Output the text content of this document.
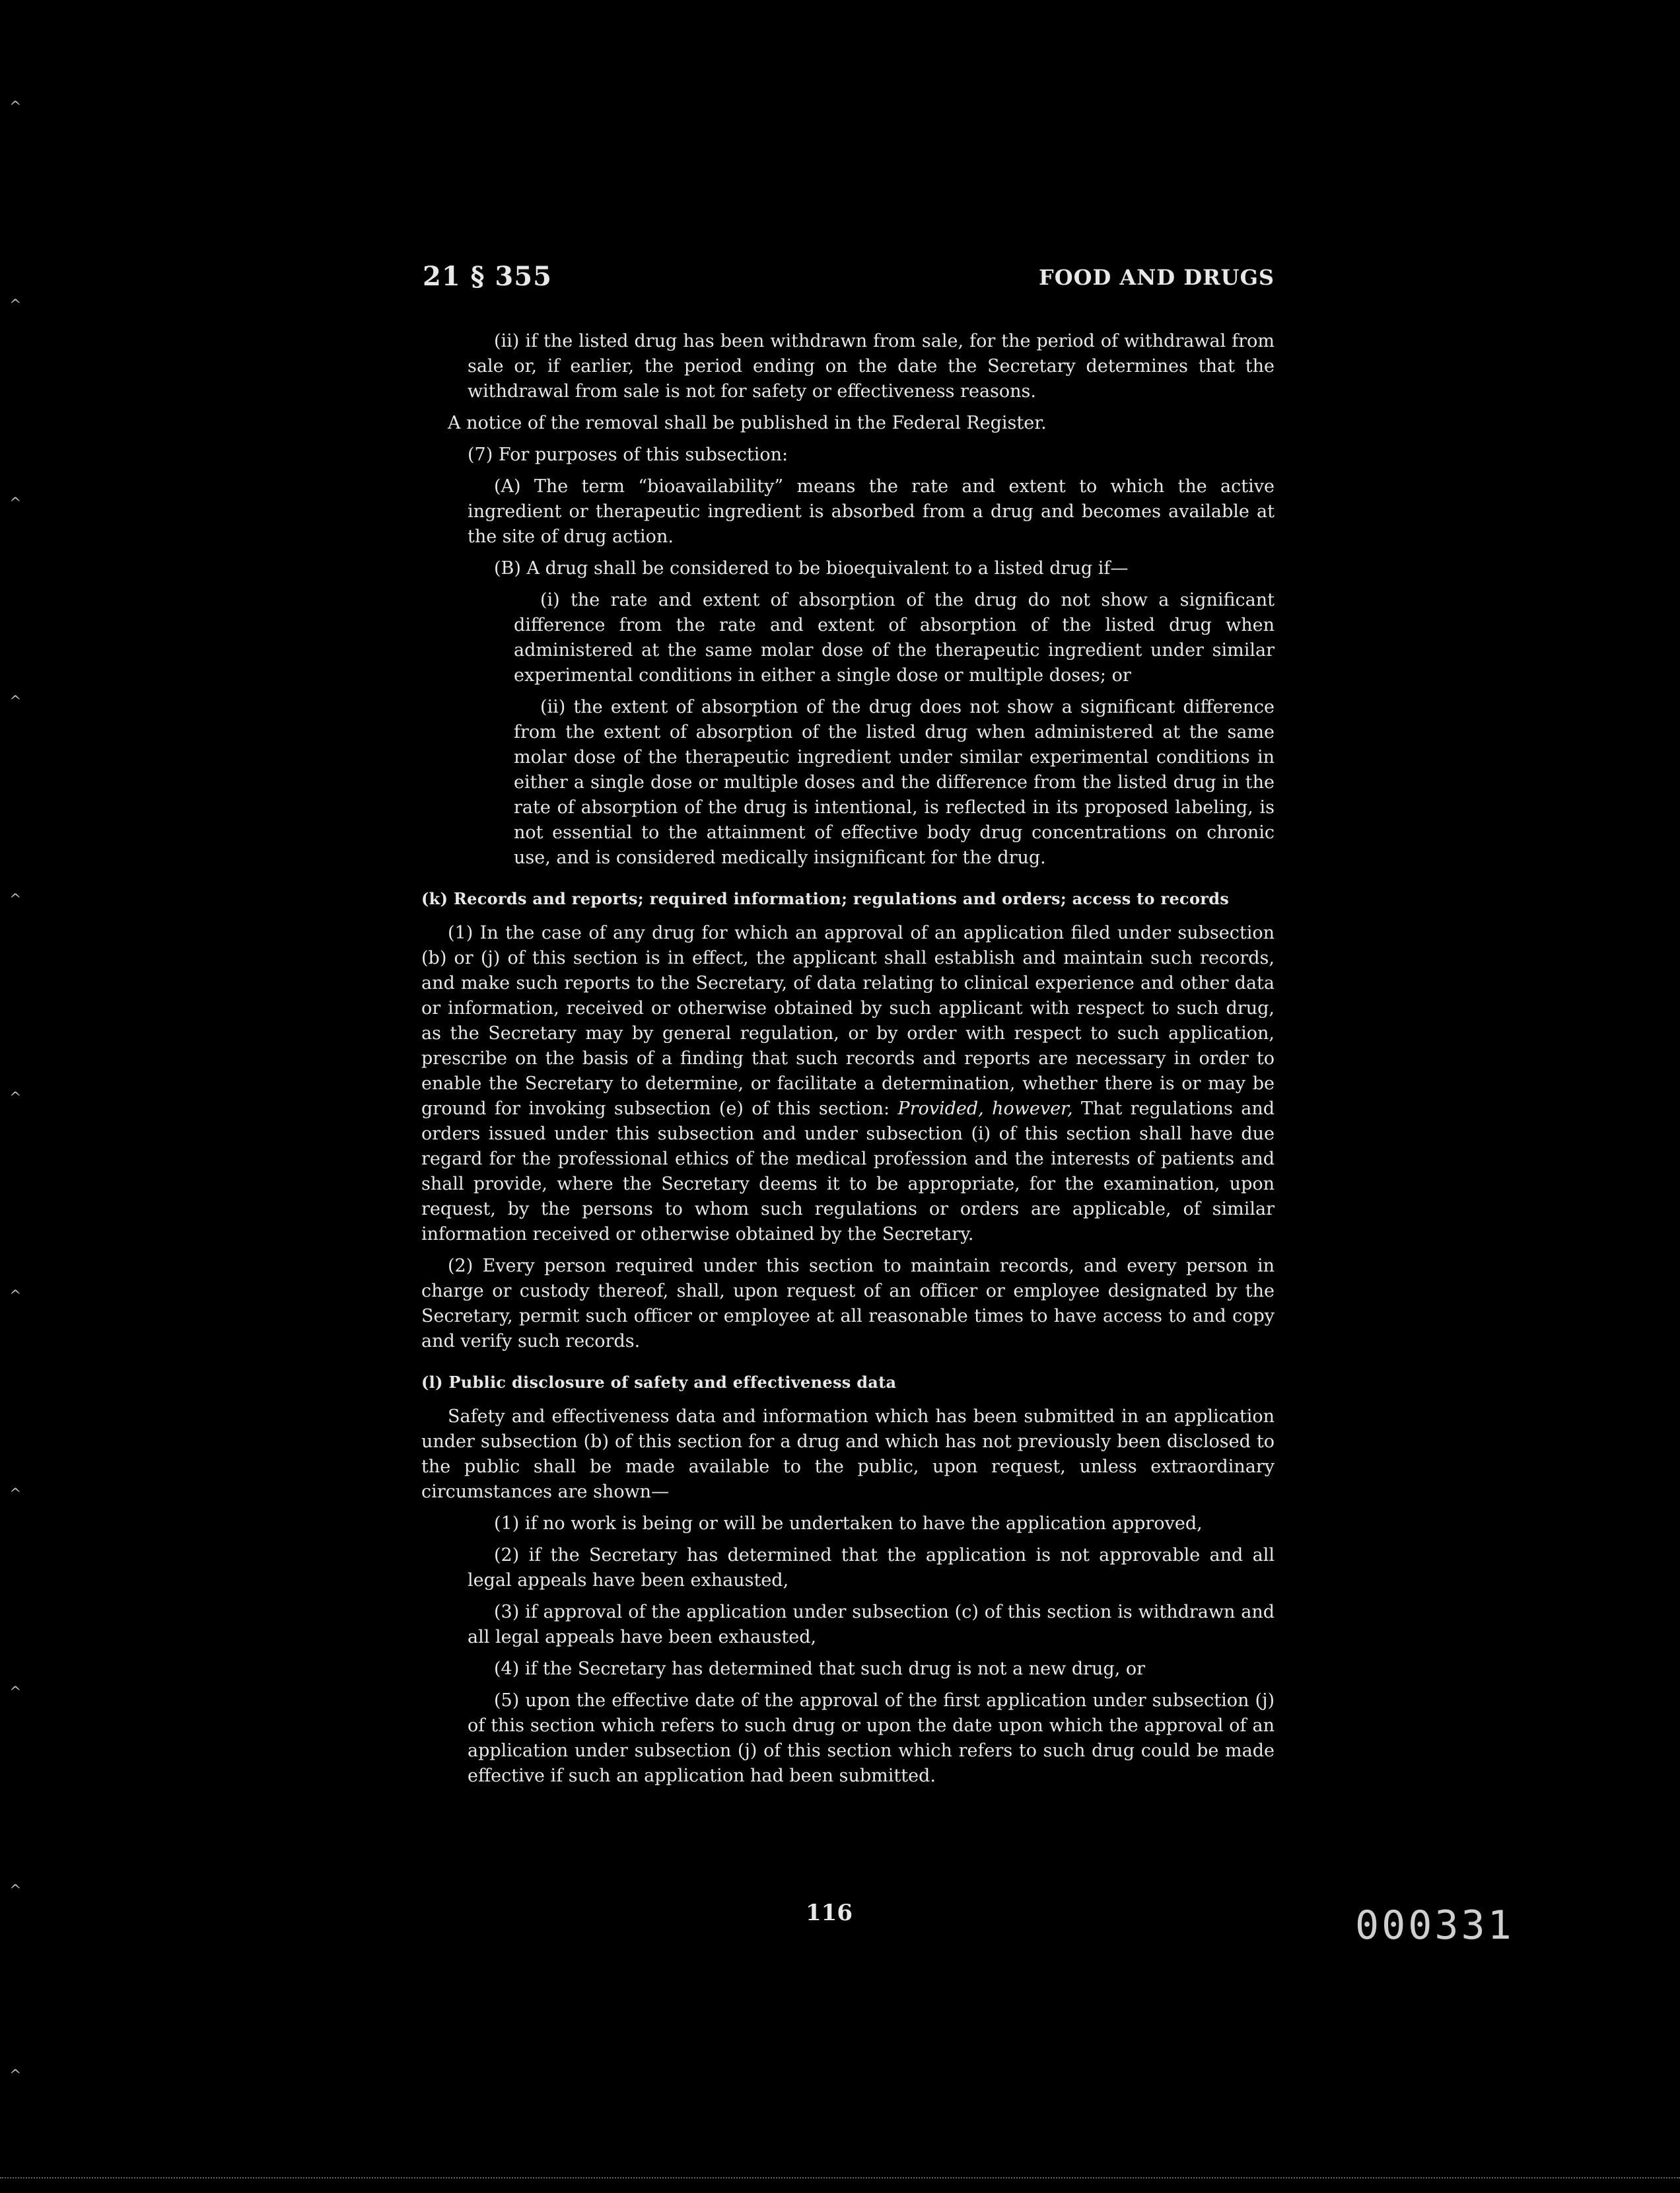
21 § 355	FOOD AND DRUGS

(ii) if the listed drug has been withdrawn from sale, for the period of withdrawal from sale or, if earlier, the period ending on the date the Secretary determines that the withdrawal from sale is not for safety or effectiveness reasons.

A notice of the removal shall be published in the Federal Register.

(7) For purposes of this subsection:

(A) The term “bioavailability” means the rate and extent to which the active ingredient or therapeutic ingredient is absorbed from a drug and becomes available at the site of drug action.

(B) A drug shall be considered to be bioequivalent to a listed drug if—

(i) the rate and extent of absorption of the drug do not show a significant difference from the rate and extent of absorption of the listed drug when administered at the same molar dose of the therapeutic ingredient under similar experimental conditions in either a single dose or multiple doses; or

(ii) the extent of absorption of the drug does not show a significant difference from the extent of absorption of the listed drug when administered at the same molar dose of the therapeutic ingredient under similar experimental conditions in either a single dose or multiple doses and the difference from the listed drug in the rate of absorption of the drug is intentional, is reflected in its proposed labeling, is not essential to the attainment of effective body drug concentrations on chronic use, and is considered medically insignificant for the drug.

(k) Records and reports; required information; regulations and orders; access to records

(1) In the case of any drug for which an approval of an application filed under subsection (b) or (j) of this section is in effect, the applicant shall establish and maintain such records, and make such reports to the Secretary, of data relating to clinical experience and other data or information, received or otherwise obtained by such applicant with respect to such drug, as the Secretary may by general regulation, or by order with respect to such application, prescribe on the basis of a finding that such records and reports are necessary in order to enable the Secretary to determine, or facilitate a determination, whether there is or may be ground for invoking subsection (e) of this section: Provided, however, That regulations and orders issued under this subsection and under subsection (i) of this section shall have due regard for the professional ethics of the medical profession and the interests of patients and shall provide, where the Secretary deems it to be appropriate, for the examination, upon request, by the persons to whom such regulations or orders are applicable, of similar information received or otherwise obtained by the Secretary.

(2) Every person required under this section to maintain records, and every person in charge or custody thereof, shall, upon request of an officer or employee designated by the Secretary, permit such officer or employee at all reasonable times to have access to and copy and verify such records.

(l) Public disclosure of safety and effectiveness data

Safety and effectiveness data and information which has been submitted in an application under subsection (b) of this section for a drug and which has not previously been disclosed to the public shall be made available to the public, upon request, unless extraordinary circumstances are shown—

(1) if no work is being or will be undertaken to have the application approved,

(2) if the Secretary has determined that the application is not approvable and all legal appeals have been exhausted,

(3) if approval of the application under subsection (c) of this section is withdrawn and all legal appeals have been exhausted,

(4) if the Secretary has determined that such drug is not a new drug, or

(5) upon the effective date of the approval of the first application under subsection (j) of this section which refers to such drug or upon the date upon which the approval of an application under subsection (j) of this section which refers to such drug could be made effective if such an application had been submitted.

116	000331
^
^
^
^
^
^
^
^
^
^
^
